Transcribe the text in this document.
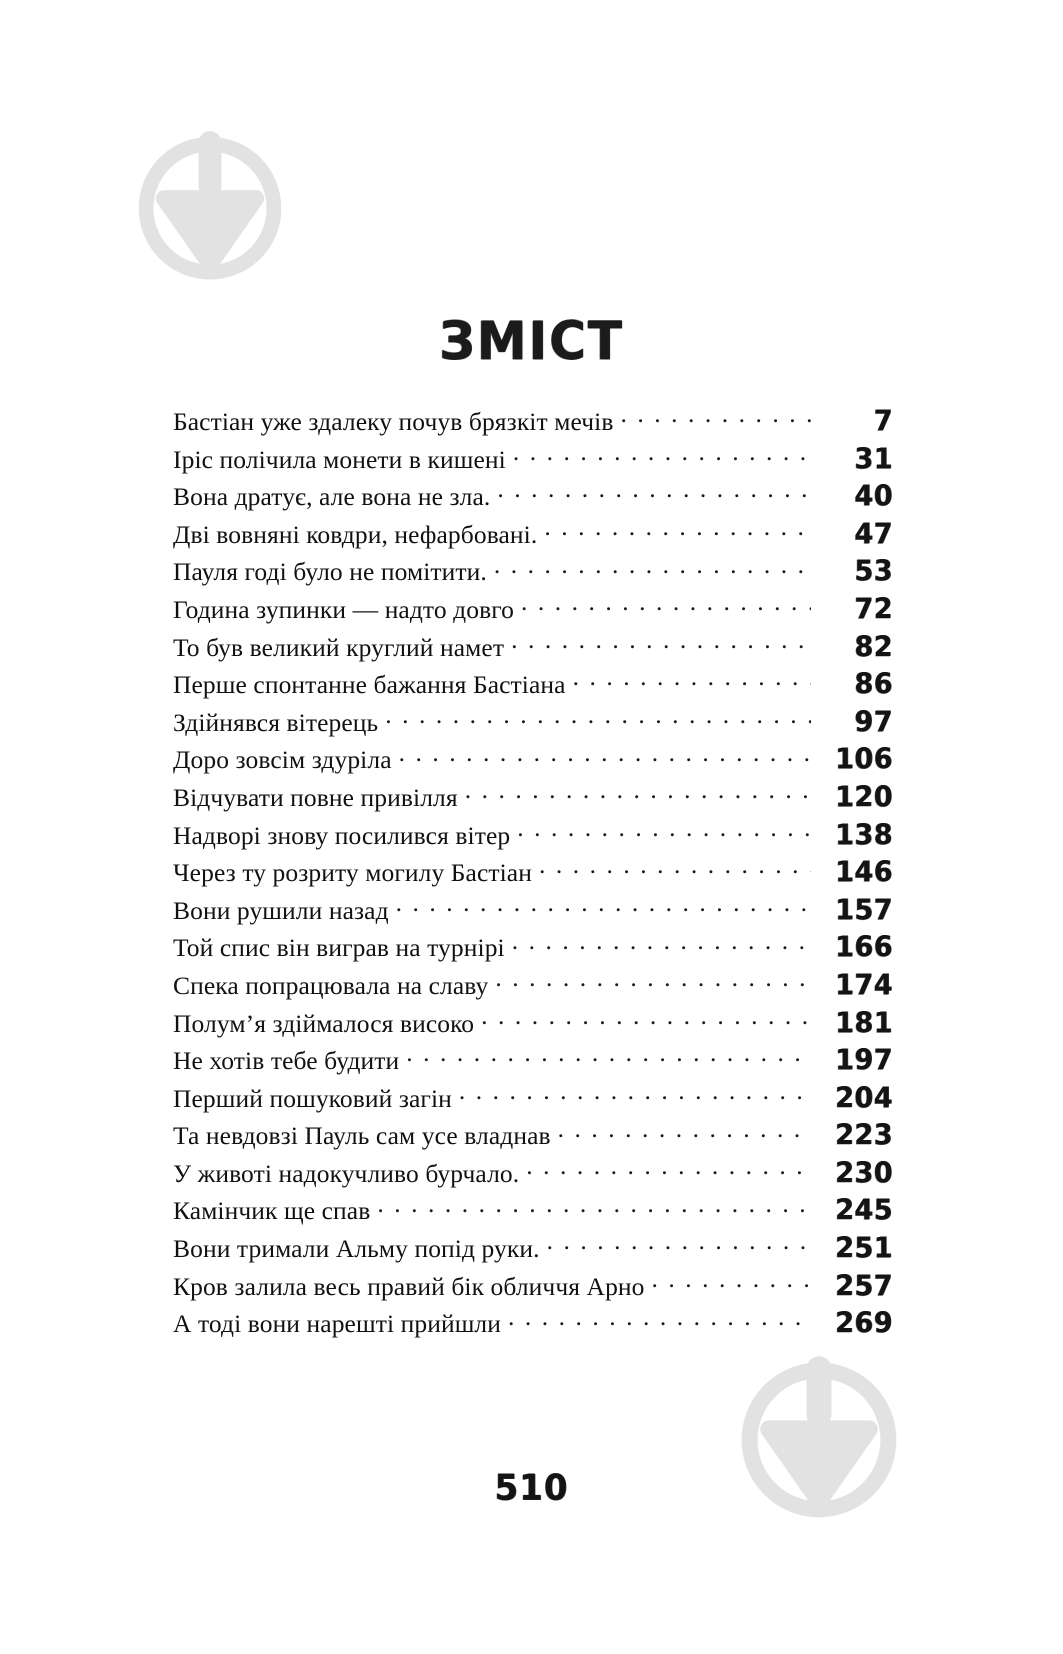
ЗМІСТ
Бастіан уже здалеку почув брязкіт мечів .....	7
Іріс полічила монети в кишені .....	31
Вона дратує, але вона не зла. .....	40
Дві вовняні ковдри, нефарбовані. .....	47
Пауля годі було не помітити. .....	53
Година зупинки — надто довго .....	72
То був великий круглий намет .....	82
Перше спонтанне бажання Бастіана .....	86
Здійнявся вітерець .....	97
Доро зовсім здуріла .....	106
Відчувати повне привілля .....	120
Надворі знову посилився вітер .....	138
Через ту розриту могилу Бастіан .....	146
Вони рушили назад .....	157
Той спис він виграв на турнірі .....	166
Спека попрацювала на славу .....	174
Полум’я здіймалося високо .....	181
Не хотів тебе будити .....	197
Перший пошуковий загін .....	204
Та невдовзі Пауль сам усе владнав .....	223
У животі надокучливо бурчало. .....	230
Камінчик ще спав .....	245
Вони тримали Альму попід руки. .....	251
Кров залила весь правий бік обличчя Арно .....	257
А тоді вони нарешті прийшли .....	269
510
